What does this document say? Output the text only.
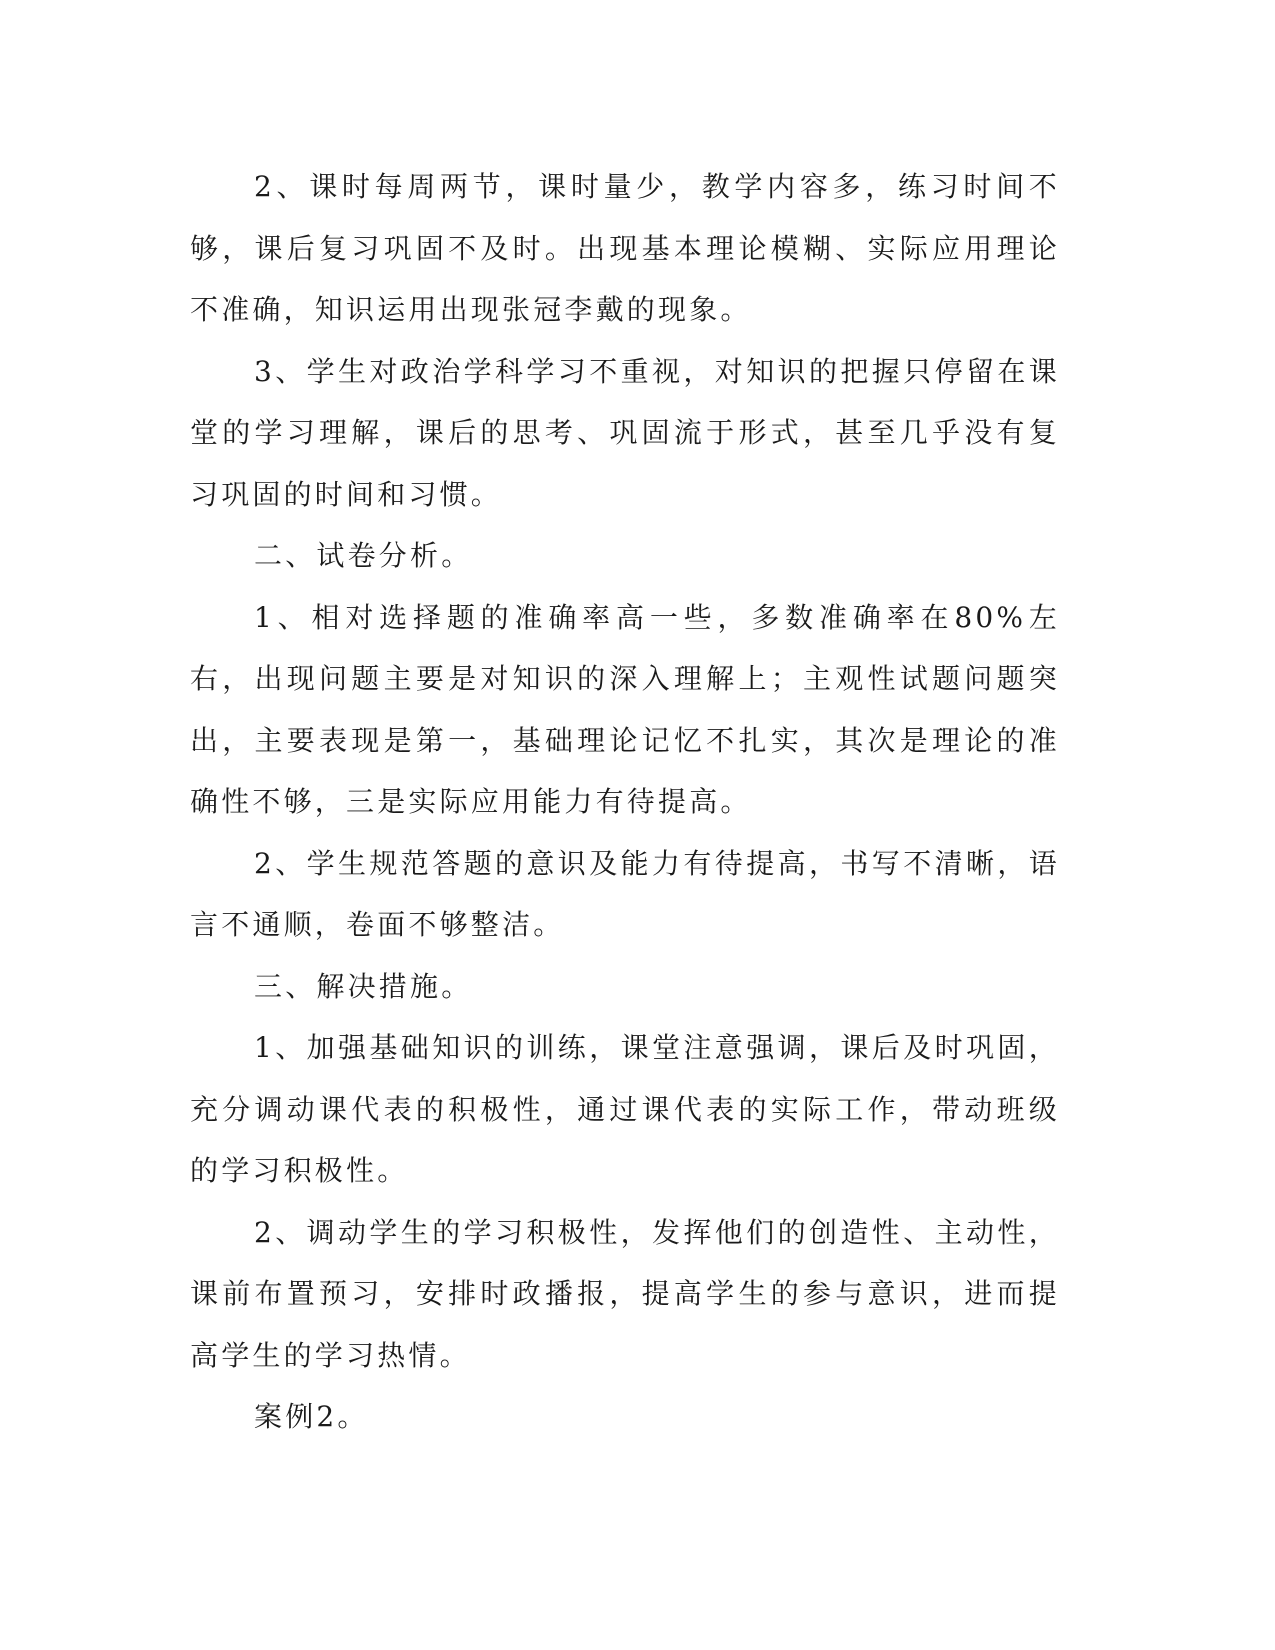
2、课时每周两节，课时量少，教学内容多，练习时间不够，课后复习巩固不及时。出现基本理论模糊、实际应用理论不准确，知识运用出现张冠李戴的现象。

3、学生对政治学科学习不重视，对知识的把握只停留在课堂的学习理解，课后的思考、巩固流于形式，甚至几乎没有复习巩固的时间和习惯。

二、试卷分析。

1、相对选择题的准确率高一些，多数准确率在80%左右，出现问题主要是对知识的深入理解上；主观性试题问题突出，主要表现是第一，基础理论记忆不扎实，其次是理论的准确性不够，三是实际应用能力有待提高。

2、学生规范答题的意识及能力有待提高，书写不清晰，语言不通顺，卷面不够整洁。

三、解决措施。

1、加强基础知识的训练，课堂注意强调，课后及时巩固，充分调动课代表的积极性，通过课代表的实际工作，带动班级的学习积极性。

2、调动学生的学习积极性，发挥他们的创造性、主动性，课前布置预习，安排时政播报，提高学生的参与意识，进而提高学生的学习热情。

案例2。
